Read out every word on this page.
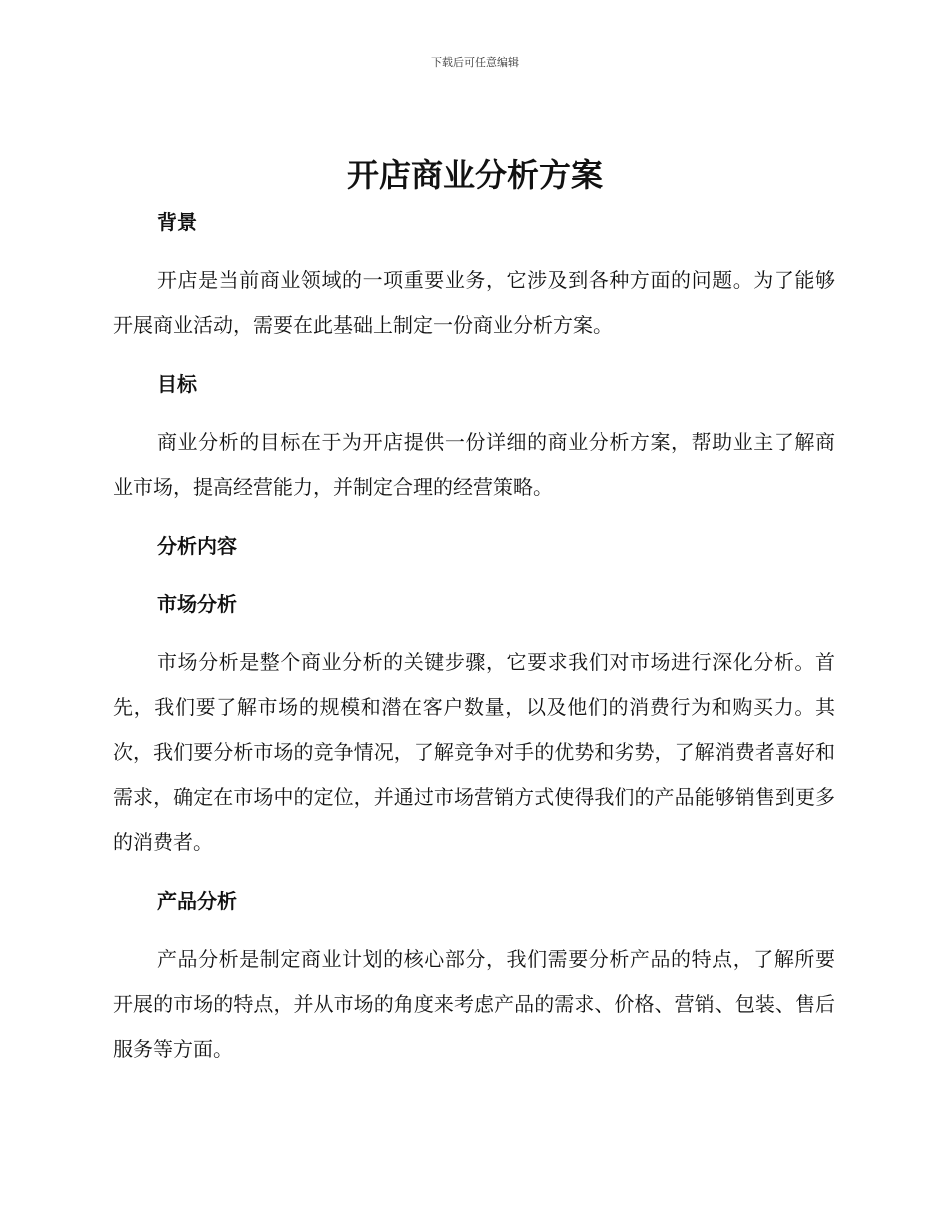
下载后可任意编辑
开店商业分析方案
背景

开店是当前商业领域的一项重要业务，它涉及到各种方面的问题。为了能够开展商业活动，需要在此基础上制定一份商业分析方案。

目标

商业分析的目标在于为开店提供一份详细的商业分析方案，帮助业主了解商业市场，提高经营能力，并制定合理的经营策略。

分析内容
市场分析

市场分析是整个商业分析的关键步骤，它要求我们对市场进行深化分析。首先，我们要了解市场的规模和潜在客户数量，以及他们的消费行为和购买力。其次，我们要分析市场的竞争情况，了解竞争对手的优势和劣势，了解消费者喜好和需求，确定在市场中的定位，并通过市场营销方式使得我们的产品能够销售到更多的消费者。

产品分析

产品分析是制定商业计划的核心部分，我们需要分析产品的特点，了解所要开展的市场的特点，并从市场的角度来考虑产品的需求、价格、营销、包装、售后服务等方面。
